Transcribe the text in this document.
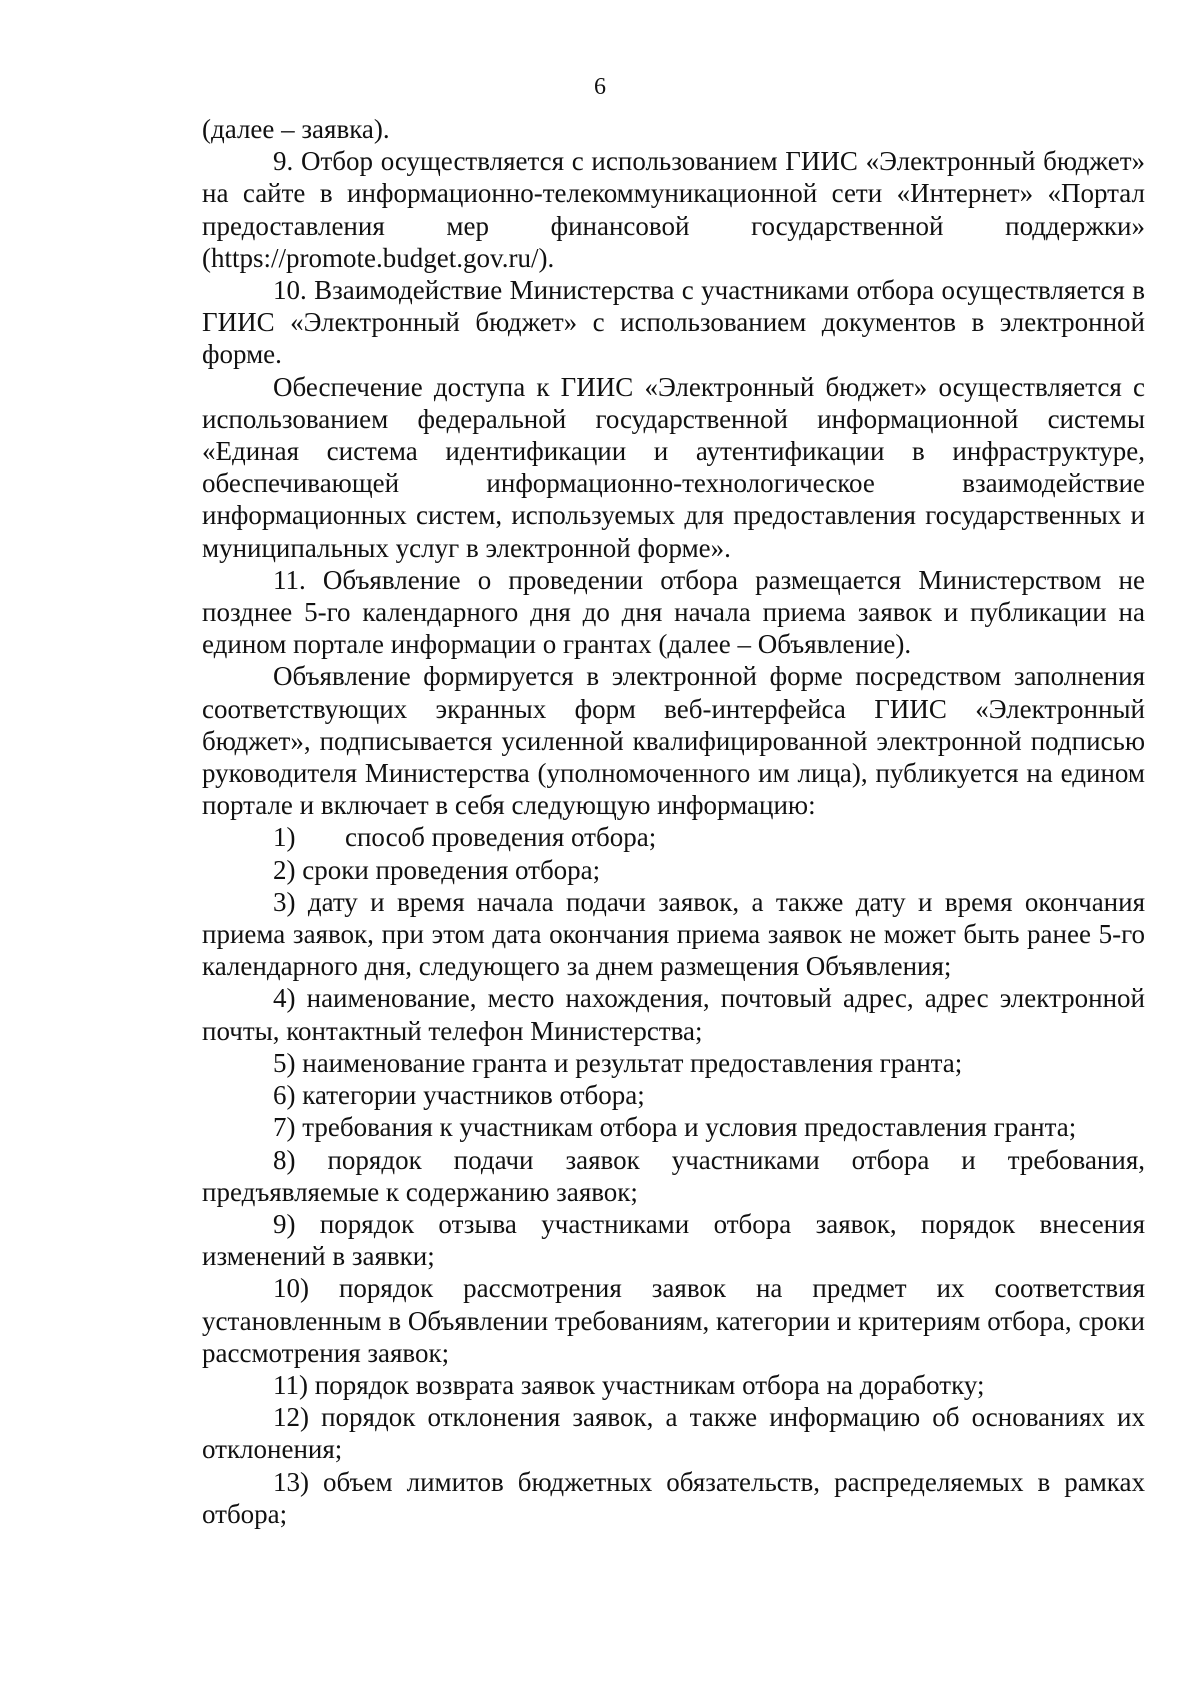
6

(далее – заявка).

9. Отбор осуществляется с использованием ГИИС «Электронный бюджет» на сайте в информационно-телекоммуникационной сети «Интернет» «Портал предоставления мер финансовой государственной поддержки» (https://promote.budget.gov.ru/).

10. Взаимодействие Министерства с участниками отбора осуществляется в ГИИС «Электронный бюджет» с использованием документов в электронной форме.

Обеспечение доступа к ГИИС «Электронный бюджет» осуществляется с использованием федеральной государственной информационной системы «Единая система идентификации и аутентификации в инфраструктуре, обеспечивающей информационно-технологическое взаимодействие информационных систем, используемых для предоставления государственных и муниципальных услуг в электронной форме».

11. Объявление о проведении отбора размещается Министерством не позднее 5-го календарного дня до дня начала приема заявок и публикации на едином портале информации о грантах (далее – Объявление).

Объявление формируется в электронной форме посредством заполнения соответствующих экранных форм веб-интерфейса ГИИС «Электронный бюджет», подписывается усиленной квалифицированной электронной подписью руководителя Министерства (уполномоченного им лица), публикуется на едином портале и включает в себя следующую информацию:

1) способ проведения отбора;

2) сроки проведения отбора;

3) дату и время начала подачи заявок, а также дату и время окончания приема заявок, при этом дата окончания приема заявок не может быть ранее 5-го календарного дня, следующего за днем размещения Объявления;

4) наименование, место нахождения, почтовый адрес, адрес электронной почты, контактный телефон Министерства;

5) наименование гранта и результат предоставления гранта;

6) категории участников отбора;

7) требования к участникам отбора и условия предоставления гранта;

8) порядок подачи заявок участниками отбора и требования, предъявляемые к содержанию заявок;

9) порядок отзыва участниками отбора заявок, порядок внесения изменений в заявки;

10) порядок рассмотрения заявок на предмет их соответствия установленным в Объявлении требованиям, категории и критериям отбора, сроки рассмотрения заявок;

11) порядок возврата заявок участникам отбора на доработку;

12) порядок отклонения заявок, а также информацию об основаниях их отклонения;

13) объем лимитов бюджетных обязательств, распределяемых в рамках отбора;
